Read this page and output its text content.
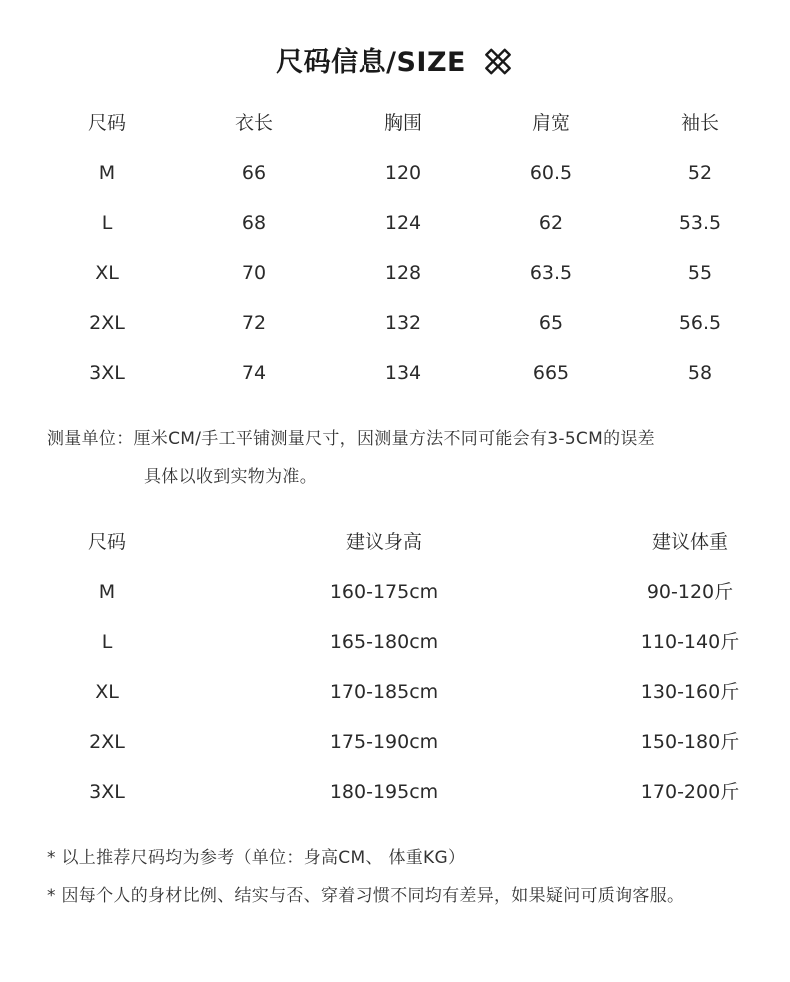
尺码信息/SIZE
尺码	衣长	胸围	肩宽	袖长
M	66	120	60.5	52
L	68	124	62	53.5
XL	70	128	63.5	55
2XL	72	132	65	56.5
3XL	74	134	665	58
测量单位：厘米CM/手工平铺测量尺寸，因测量方法不同可能会有3-5CM的误差
具体以收到实物为准。
尺码	建议身高	建议体重
M	160-175cm	90-120斤
L	165-180cm	110-140斤
XL	170-185cm	130-160斤
2XL	175-190cm	150-180斤
3XL	180-195cm	170-200斤
* 以上推荐尺码均为参考（单位：身高CM、 体重KG）
* 因每个人的身材比例、结实与否、穿着习惯不同均有差异，如果疑问可质询客服。
